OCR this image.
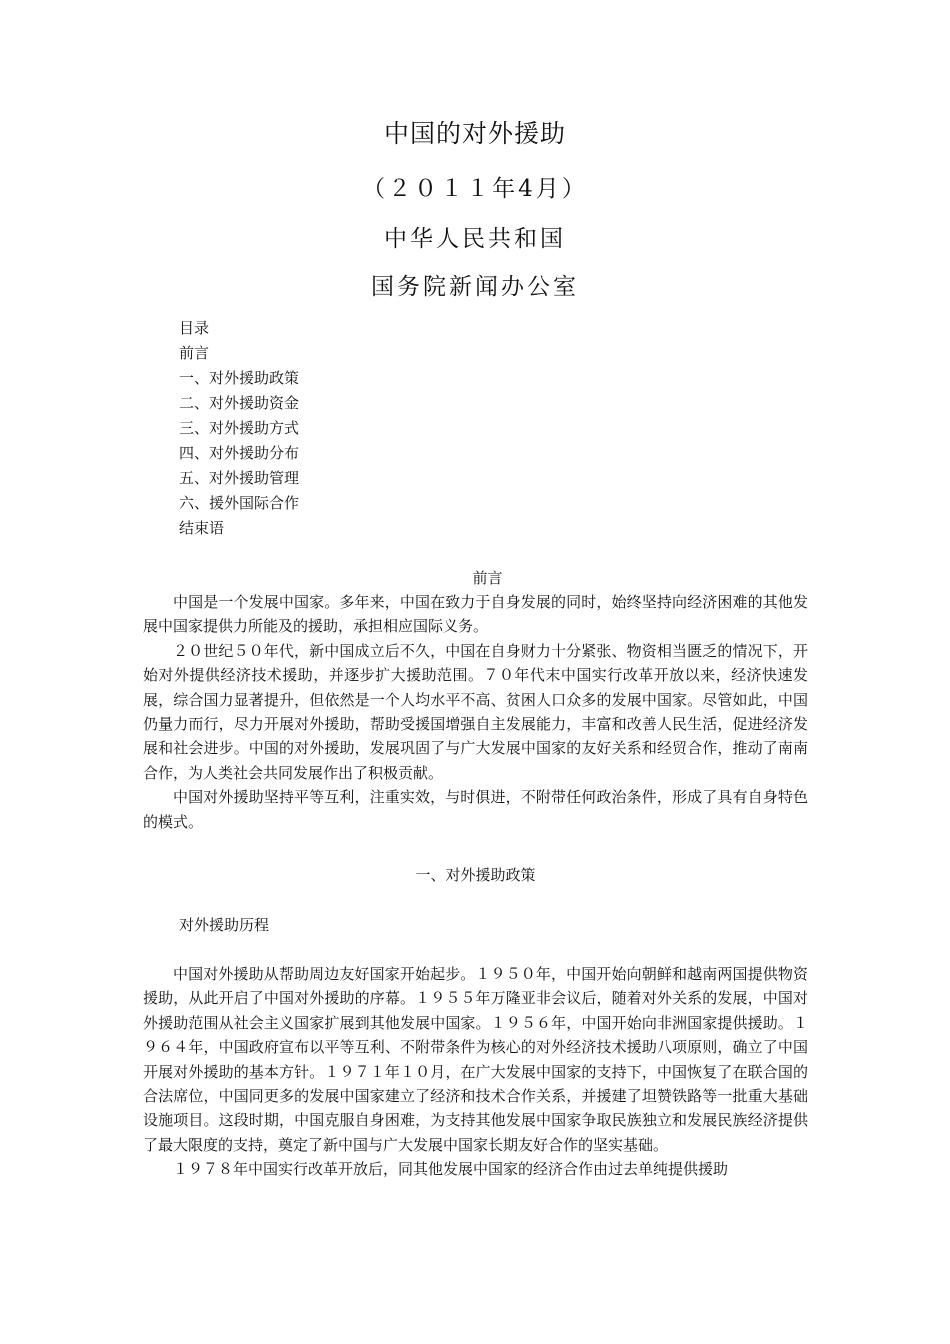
中国的对外援助
（２０１１年4月）
中华人民共和国
国务院新闻办公室
目录
前言
一、对外援助政策
二、对外援助资金
三、对外援助方式
四、对外援助分布
五、对外援助管理
六、援外国际合作
结束语
前言

中国是一个发展中国家。多年来，中国在致力于自身发展的同时，始终坚持向经济困难的其他发展中国家提供力所能及的援助，承担相应国际义务。

２０世纪５０年代，新中国成立后不久，中国在自身财力十分紧张、物资相当匮乏的情况下，开始对外提供经济技术援助，并逐步扩大援助范围。７０年代末中国实行改革开放以来，经济快速发展，综合国力显著提升，但依然是一个人均水平不高、贫困人口众多的发展中国家。尽管如此，中国仍量力而行，尽力开展对外援助，帮助受援国增强自主发展能力，丰富和改善人民生活，促进经济发展和社会进步。中国的对外援助，发展巩固了与广大发展中国家的友好关系和经贸合作，推动了南南合作，为人类社会共同发展作出了积极贡献。

中国对外援助坚持平等互利，注重实效，与时俱进，不附带任何政治条件，形成了具有自身特色的模式。

一、对外援助政策
对外援助历程

中国对外援助从帮助周边友好国家开始起步。１９５０年，中国开始向朝鲜和越南两国提供物资援助，从此开启了中国对外援助的序幕。１９５５年万隆亚非会议后，随着对外关系的发展，中国对外援助范围从社会主义国家扩展到其他发展中国家。１９５６年，中国开始向非洲国家提供援助。１９６４年，中国政府宣布以平等互利、不附带条件为核心的对外经济技术援助八项原则，确立了中国开展对外援助的基本方针。１９７１年１０月，在广大发展中国家的支持下，中国恢复了在联合国的合法席位，中国同更多的发展中国家建立了经济和技术合作关系，并援建了坦赞铁路等一批重大基础设施项目。这段时期，中国克服自身困难，为支持其他发展中国家争取民族独立和发展民族经济提供了最大限度的支持，奠定了新中国与广大发展中国家长期友好合作的坚实基础。

１９７８年中国实行改革开放后，同其他发展中国家的经济合作由过去单纯提供援助
